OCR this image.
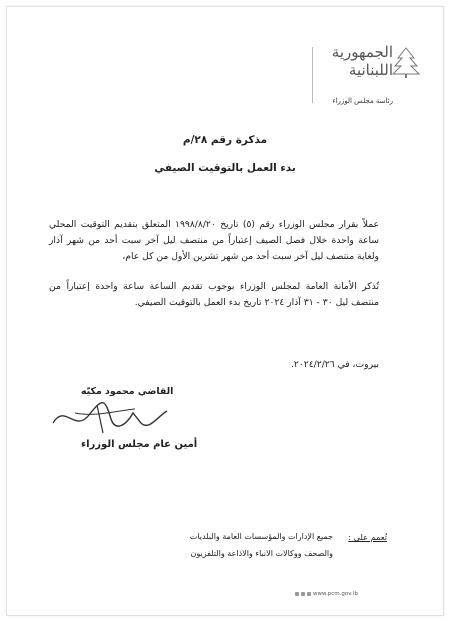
الجمهورية
اللبنانية
رئاسة مجلس الوزراء
مذكرة رقم ٢٨/م
بدء العمل بالتوقيت الصيفي
عملاً بقرار مجلس الوزراء رقم (٥) تاريخ ١٩٩٨/٨/٢٠ المتعلق بتقديم التوقيت المحلي ساعة واحدة خلال فصل الصيف إعتباراً من منتصف ليل آخر سبت أحد من شهر آذار ولغاية منتصف ليل آخر سبت أحد من شهر تشرين الأول من كل عام،
تُذكر الأمانة العامة لمجلس الوزراء بوجوب تقديم الساعة ساعة واحدة إعتباراً من منتصف ليل ٣٠ - ٣١ آذار ٢٠٢٤ تاريخ بدء العمل بالتوقيت الصيفي.
بيروت، في ٢٠٢٤/٢/٢٦.
القاضي محمود مكيّه
أمين عام مجلس الوزراء
تُعمم على :
جميع الإدارات والمؤسسات العامة والبلديات
والصحف ووكالات الانباء والاذاعة والتلفزيون
www.pcm.gov.lb
